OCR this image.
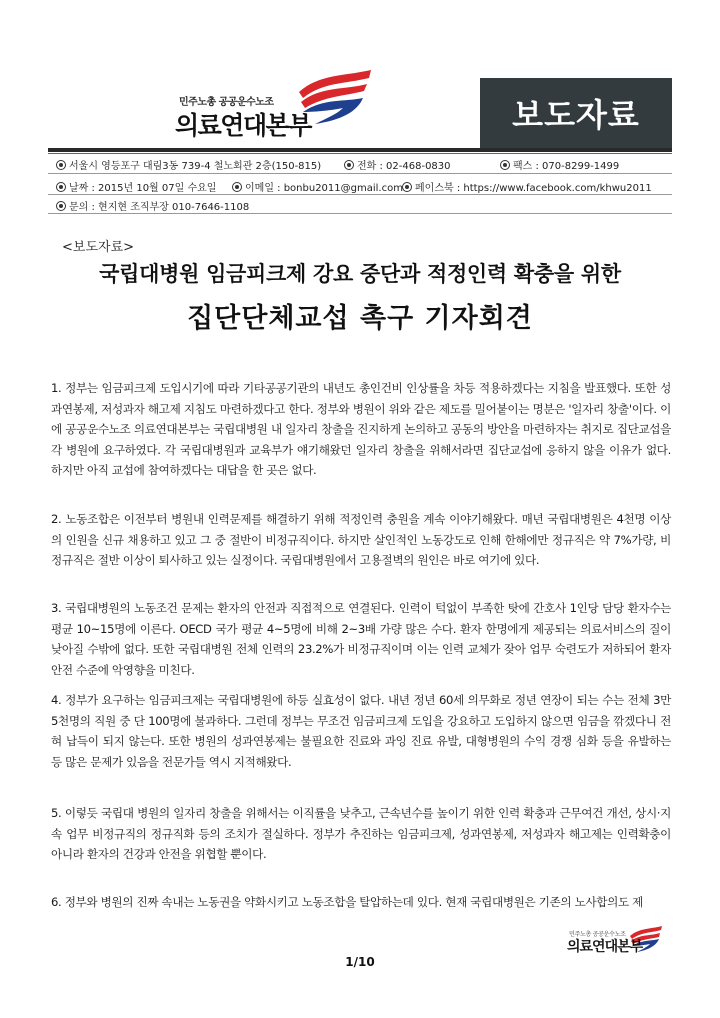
민주노총 공공운수노조
의료연대본부	보도자료
서울시 영등포구 대림3동 739-4 철노회관 2층(150-815)	전화 : 02-468-0830	팩스 : 070-8299-1499
날짜 : 2015년 10월 07일 수요일	이메일 : bonbu2011@gmail.com	페이스북 : https://www.facebook.com/khwu2011
문의 : 현지현 조직부장 010-7646-1108
<보도자료>
국립대병원 임금피크제 강요 중단과 적정인력 확충을 위한
집단단체교섭 촉구 기자회견
1. 정부는 임금피크제 도입시기에 따라 기타공공기관의 내년도 총인건비 인상률을 차등 적용하겠다는 지침을 발표했다. 또한 성과연봉제, 저성과자 해고제 지침도 마련하겠다고 한다. 정부와 병원이 위와 같은 제도를 밀어붙이는 명분은 '일자리 창출'이다. 이에 공공운수노조 의료연대본부는 국립대병원 내 일자리 창출을 진지하게 논의하고 공동의 방안을 마련하자는 취지로 집단교섭을 각 병원에 요구하였다. 각 국립대병원과 교육부가 얘기해왔던 일자리 창출을 위해서라면 집단교섭에 응하지 않을 이유가 없다. 하지만 아직 교섭에 참여하겠다는 대답을 한 곳은 없다.
2. 노동조합은 이전부터 병원내 인력문제를 해결하기 위해 적정인력 충원을 계속 이야기해왔다. 매년 국립대병원은 4천명 이상의 인원을 신규 채용하고 있고 그 중 절반이 비정규직이다. 하지만 살인적인 노동강도로 인해 한해에만 정규직은 약 7%가량, 비정규직은 절반 이상이 퇴사하고 있는 실정이다. 국립대병원에서 고용절벽의 원인은 바로 여기에 있다.
3. 국립대병원의 노동조건 문제는 환자의 안전과 직접적으로 연결된다. 인력이 턱없이 부족한 탓에 간호사 1인당 담당 환자수는 평균 10~15명에 이른다. OECD 국가 평균 4~5명에 비해 2~3배 가량 많은 수다. 환자 한명에게 제공되는 의료서비스의 질이 낮아질 수밖에 없다. 또한 국립대병원 전체 인력의 23.2%가 비정규직이며 이는 인력 교체가 잦아 업무 숙련도가 저하되어 환자 안전 수준에 악영향을 미친다.
4. 정부가 요구하는 임금피크제는 국립대병원에 하등 실효성이 없다. 내년 정년 60세 의무화로 정년 연장이 되는 수는 전체 3만 5천명의 직원 중 단 100명에 불과하다. 그런데 정부는 무조건 임금피크제 도입을 강요하고 도입하지 않으면 임금을 깎겠다니 전혀 납득이 되지 않는다. 또한 병원의 성과연봉제는 불필요한 진료와 과잉 진료 유발, 대형병원의 수익 경쟁 심화 등을 유발하는 등 많은 문제가 있음을 전문가들 역시 지적해왔다.
5. 이렇듯 국립대 병원의 일자리 창출을 위해서는 이직률을 낮추고, 근속년수를 높이기 위한 인력 확충과 근무여건 개선, 상시·지속 업무 비정규직의 정규직화 등의 조치가 절실하다. 정부가 추진하는 임금피크제, 성과연봉제, 저성과자 해고제는 인력확충이 아니라 환자의 건강과 안전을 위협할 뿐이다.
6. 정부와 병원의 진짜 속내는 노동권을 약화시키고 노동조합을 탈압하는데 있다. 현재 국립대병원은 기존의 노사합의도 제
민주노총 공공운수노조
의료연대본부
1/10
